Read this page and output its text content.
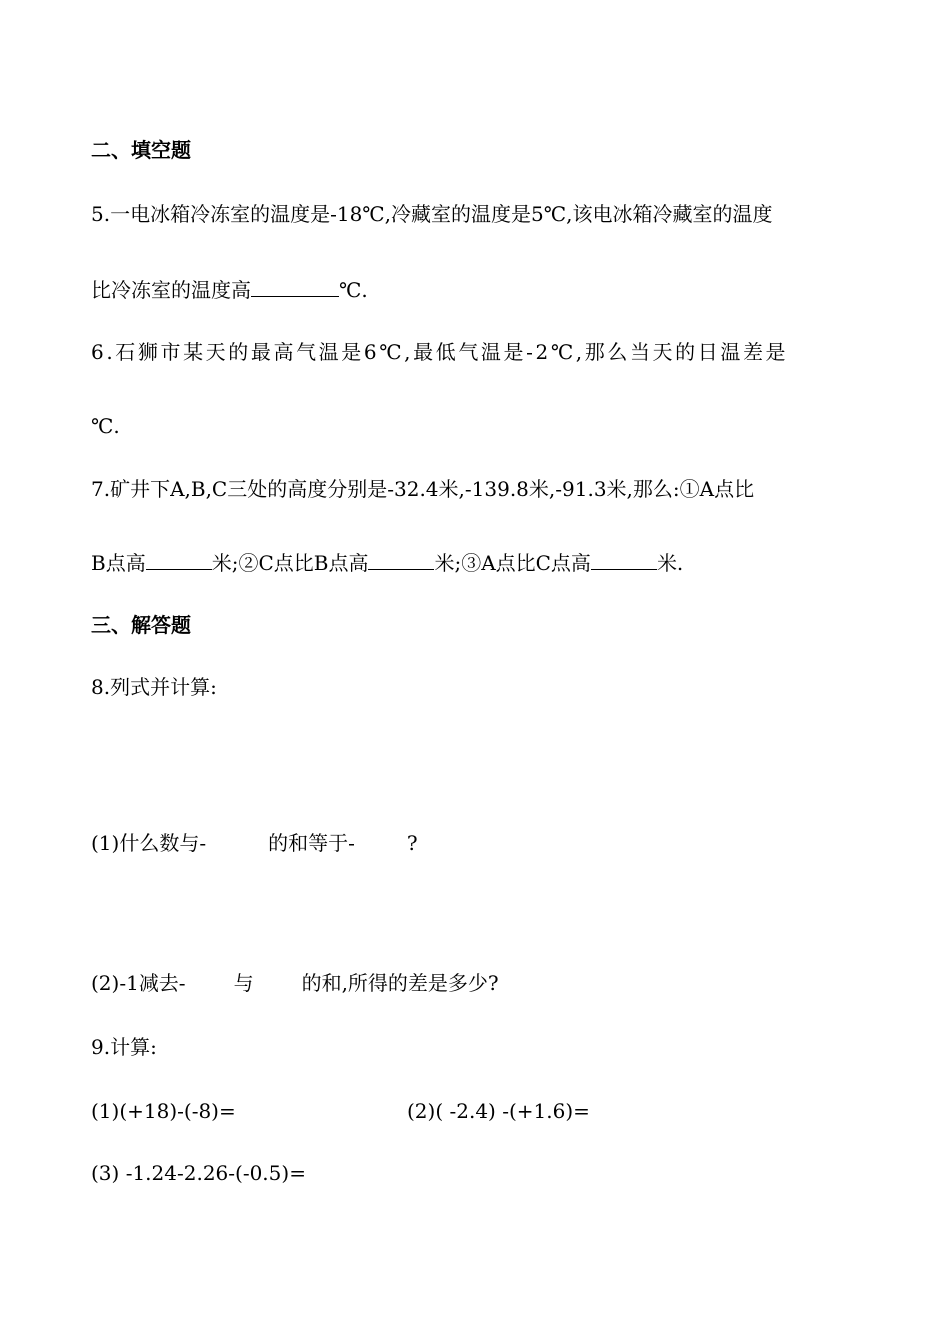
二、填空题
5.一电冰箱冷冻室的温度是-18℃,冷藏室的温度是5℃,该电冰箱冷藏室的温度
比冷冻室的温度高	℃.
6.石狮市某天的最高气温是6℃,最低气温是-2℃,那么当天的日温差是
℃.
7.矿井下A,B,C三处的高度分别是-32.4米,-139.8米,-91.3米,那么:①A点比
B点高	米;②C点比B点高	米;③A点比C点高	米.
三、解答题
8.列式并计算:
(1)什么数与-	的和等于-	?
(2)-1减去- 与 的和,所得的差是多少?
9.计算:
(1)(+18)-(-8)=	(2)( -2.4) -(+1.6)=
(3) -1.24-2.26-(-0.5)=
